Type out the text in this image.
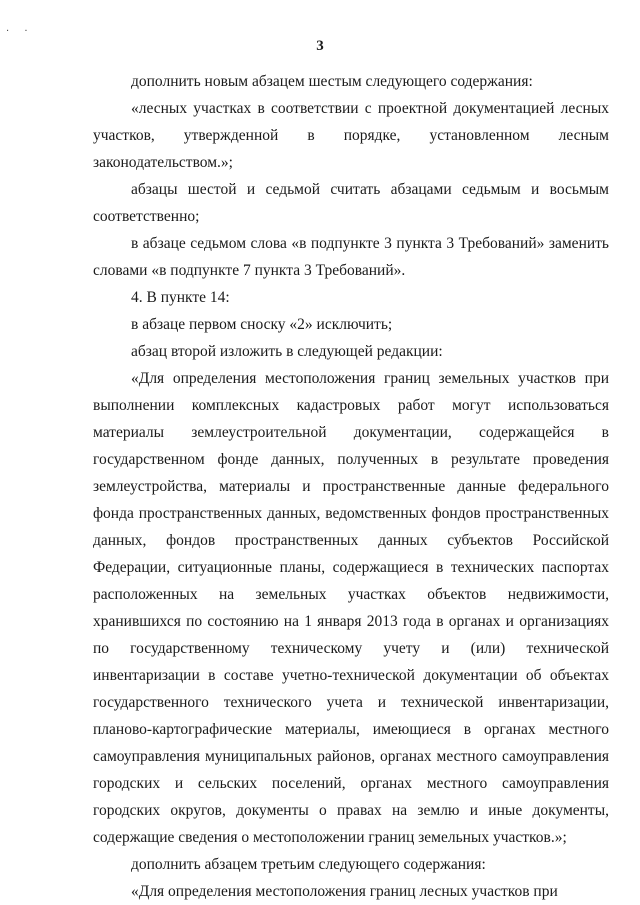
· ·
3

дополнить новым абзацем шестым следующего содержания:

«лесных участках в соответствии с проектной документацией лесных участков, утвержденной в порядке, установленном лесным законодательством.»;

абзацы шестой и седьмой считать абзацами седьмым и восьмым соответственно;

в абзаце седьмом слова «в подпункте 3 пункта 3 Требований» заменить словами «в подпункте 7 пункта 3 Требований».

4. В пункте 14:

в абзаце первом сноску «2» исключить;

абзац второй изложить в следующей редакции:

«Для определения местоположения границ земельных участков при выполнении комплексных кадастровых работ могут использоваться материалы землеустроительной документации, содержащейся в государственном фонде данных, полученных в результате проведения землеустройства, материалы и пространственные данные федерального фонда пространственных данных, ведомственных фондов пространственных данных, фондов пространственных данных субъектов Российской Федерации, ситуационные планы, содержащиеся в технических паспортах расположенных на земельных участках объектов недвижимости, хранившихся по состоянию на 1 января 2013 года в органах и организациях по государственному техническому учету и (или) технической инвентаризации в составе учетно-технической документации об объектах государственного технического учета и технической инвентаризации, планово-картографические материалы, имеющиеся в органах местного самоуправления муниципальных районов, органах местного самоуправления городских и сельских поселений, органах местного самоуправления городских округов, документы о правах на землю и иные документы, содержащие сведения о местоположении границ земельных участков.»;

дополнить абзацем третьим следующего содержания:

«Для определения местоположения границ лесных участков при
